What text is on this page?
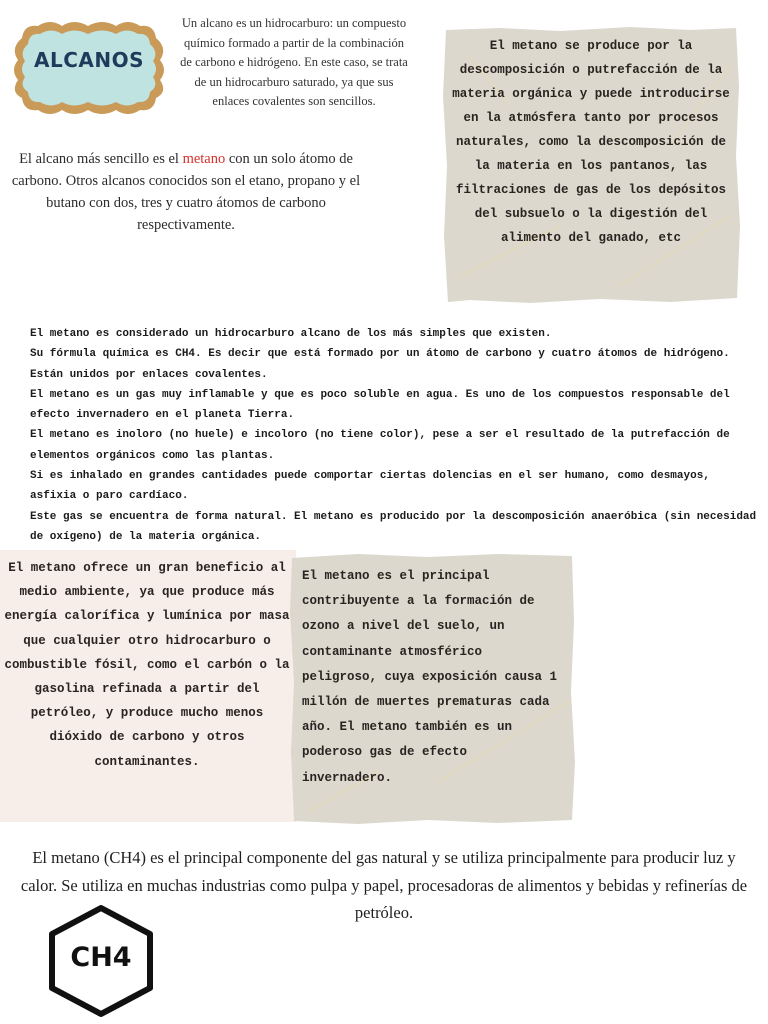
ALCANOS
Un alcano es un hidrocarburo: un compuesto químico formado a partir de la combinación de carbono e hidrógeno. En este caso, se trata de un hidrocarburo saturado, ya que sus enlaces covalentes son sencillos.
El alcano más sencillo es el metano con un solo átomo de carbono. Otros alcanos conocidos son el etano, propano y el butano con dos, tres y cuatro átomos de carbono respectivamente.
El metano se produce por la descomposición o putrefacción de la materia orgánica y puede introducirse en la atmósfera tanto por procesos naturales, como la descomposición de la materia en los pantanos, las filtraciones de gas de los depósitos del subsuelo o la digestión del alimento del ganado, etc

El metano es considerado un hidrocarburo alcano de los más simples que existen.

Su fórmula química es CH4. Es decir que está formado por un átomo de carbono y cuatro átomos de hidrógeno. Están unidos por enlaces covalentes.

El metano es un gas muy inflamable y que es poco soluble en agua. Es uno de los compuestos responsable del efecto invernadero en el planeta Tierra.

El metano es inoloro (no huele) e incoloro (no tiene color), pese a ser el resultado de la putrefacción de elementos orgánicos como las plantas.

Si es inhalado en grandes cantidades puede comportar ciertas dolencias en el ser humano, como desmayos, asfixia o paro cardíaco.

Este gas se encuentra de forma natural. El metano es producido por la descomposición anaeróbica (sin necesidad de oxígeno) de la materia orgánica.

El metano ofrece un gran beneficio al medio ambiente, ya que produce más energía calorífica y lumínica por masa que cualquier otro hidrocarburo o combustible fósil, como el carbón o la gasolina refinada a partir del petróleo, y produce mucho menos dióxido de carbono y otros contaminantes.
El metano es el principal contribuyente a la formación de ozono a nivel del suelo, un contaminante atmosférico peligroso, cuya exposición causa 1 millón de muertes prematuras cada año. El metano también es un poderoso gas de efecto invernadero.
El metano (CH4) es el principal componente del gas natural y se utiliza principalmente para producir luz y calor. Se utiliza en muchas industrias como pulpa y papel, procesadoras de alimentos y bebidas y refinerías de petróleo.
CH4
